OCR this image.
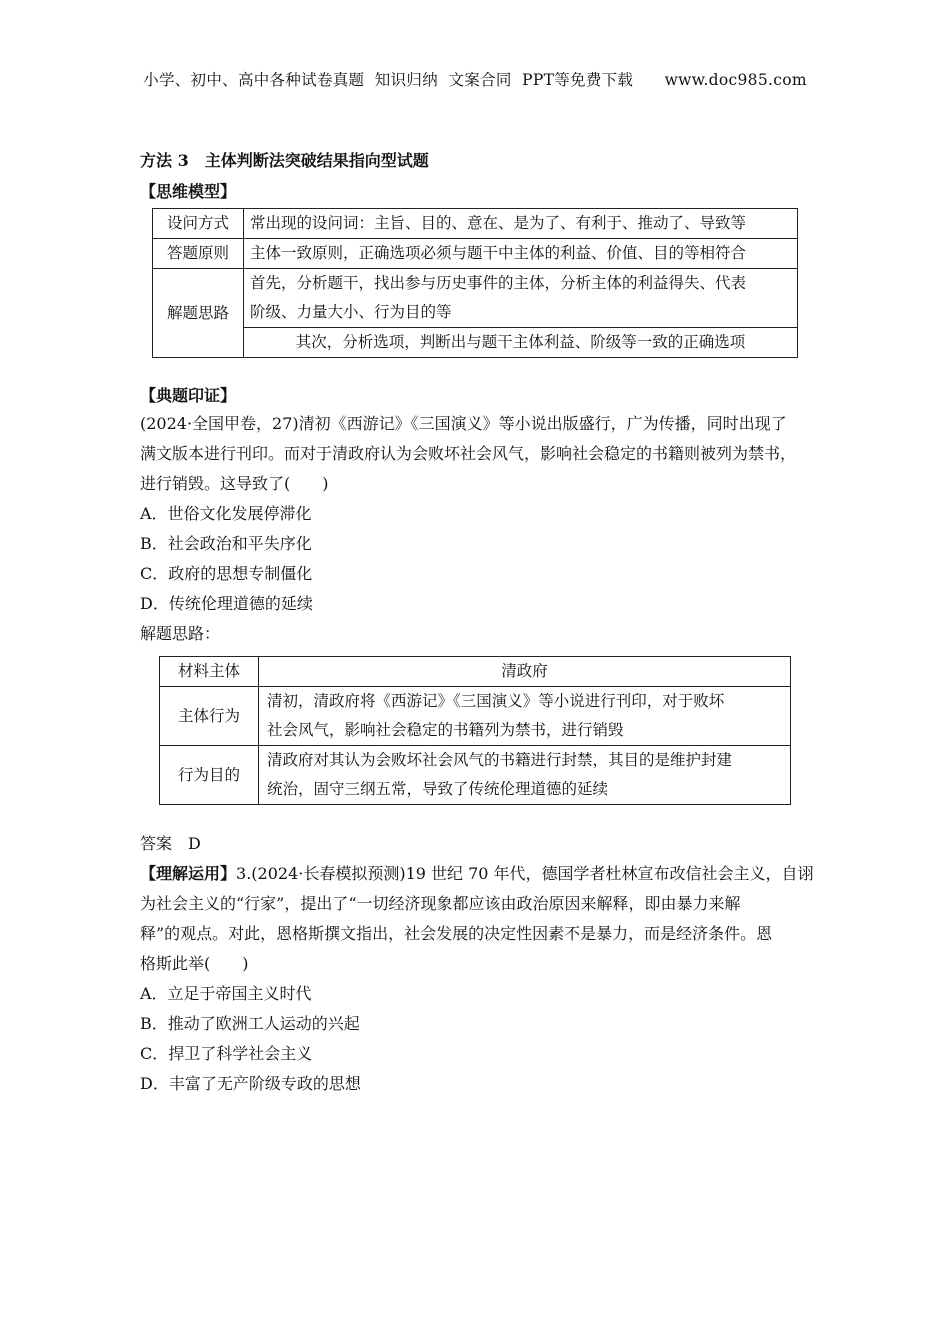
小学、初中、高中各种试卷真题  知识归纳  文案合同  PPT等免费下载      www.doc985.com
方法 3　主体判断法突破结果指向型试题
【思维模型】
设问方式	常出现的设问词：主旨、目的、意在、是为了、有利于、推动了、导致等
答题原则	主体一致原则，正确选项必须与题干中主体的利益、价值、目的等相符合
解题思路	首先，分析题干，找出参与历史事件的主体，分析主体的利益得失、代表
阶级、力量大小、行为目的等

	其次，分析选项，判断出与题干主体利益、阶级等一致的正确选项
【典题印证】
(2024·全国甲卷，27)清初《西游记》《三国演义》等小说出版盛行，广为传播，同时出现了
满文版本进行刊印。而对于清政府认为会败坏社会风气，影响社会稳定的书籍则被列为禁书，
进行销毁。这导致了(　　)
A．世俗文化发展停滞化
B．社会政治和平失序化
C．政府的思想专制僵化
D．传统伦理道德的延续
解题思路：
材料主体	清政府
主体行为	清初，清政府将《西游记》《三国演义》等小说进行刊印，对于败坏
社会风气，影响社会稳定的书籍列为禁书，进行销毁

行为目的	清政府对其认为会败坏社会风气的书籍进行封禁，其目的是维护封建
统治，固守三纲五常，导致了传统伦理道德的延续
答案　D
【理解运用】3.(2024·长春模拟预测)19 世纪 70 年代，德国学者杜林宣布改信社会主义，自诩
为社会主义的“行家”，提出了“一切经济现象都应该由政治原因来解释，即由暴力来解
释”的观点。对此，恩格斯撰文指出，社会发展的决定性因素不是暴力，而是经济条件。恩
格斯此举(　　)
A．立足于帝国主义时代
B．推动了欧洲工人运动的兴起
C．捍卫了科学社会主义
D．丰富了无产阶级专政的思想
